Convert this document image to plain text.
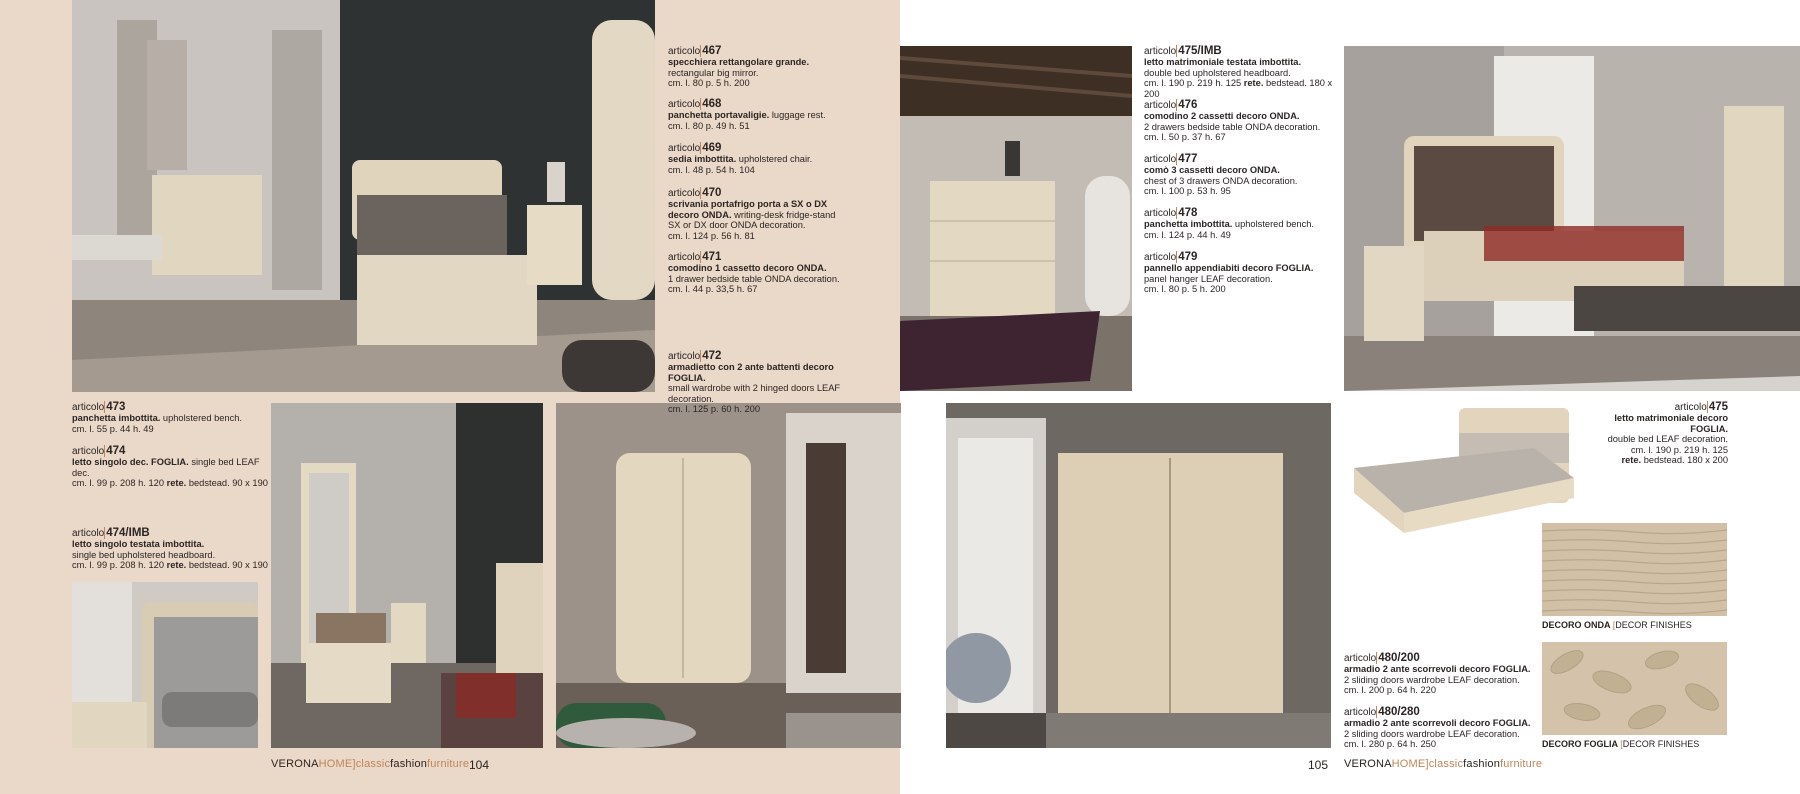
DECORO ONDA [DECOR FINISHES
DECORO FOGLIA [DECOR FINISHES
articolo 467
specchiera rettangolare grande.
rectangular big mirror.
cm. l. 80 p. 5 h. 200
articolo 468
panchetta portavaligie. luggage rest.
cm. l. 80 p. 49 h. 51
articolo 469
sedia imbottita. upholstered chair.
cm. l. 48 p. 54 h. 104
articolo 470
scrivania portafrigo porta a SX o DX decoro ONDA. writing-desk fridge-stand SX or DX door ONDA decoration.
cm. l. 124 p. 56 h. 81
articolo 471
comodino 1 cassetto decoro ONDA.
1 drawer bedside table ONDA decoration.
cm. l. 44 p. 33,5 h. 67
articolo 472
armadietto con 2 ante battenti decoro FOGLIA.
small wardrobe with 2 hinged doors LEAF decoration.
cm. l. 125 p. 60 h. 200
articolo 473
panchetta imbottita. upholstered bench.
cm. l. 55 p. 44 h. 49
articolo 474
letto singolo dec. FOGLIA. single bed LEAF dec.
cm. l. 99 p. 208 h. 120 rete. bedstead. 90 x 190
articolo 474/IMB
letto singolo testata imbottita.
single bed upholstered headboard.
cm. l. 99 p. 208 h. 120 rete. bedstead. 90 x 190
articolo 475/IMB
letto matrimoniale testata imbottita.
double bed upholstered headboard.
cm. l. 190 p. 219 h. 125 rete. bedstead. 180 x 200
articolo 476
comodino 2 cassetti decoro ONDA.
2 drawers bedside table ONDA decoration.
cm. l. 50 p. 37 h. 67
articolo 477
comò 3 cassetti decoro ONDA.
chest of 3 drawers ONDA decoration.
cm. l. 100 p. 53 h. 95
articolo 478
panchetta imbottita. upholstered bench.
cm. l. 124 p. 44 h. 49
articolo 479
pannello appendiabiti decoro FOGLIA.
panel hanger LEAF decoration.
cm. l. 80 p. 5 h. 200
articolo 475
letto matrimoniale decoro FOGLIA.
double bed LEAF decoration.
cm. l. 190 p. 219 h. 125
rete. bedstead. 180 x 200
articolo 480/200
armadio 2 ante scorrevoli decoro FOGLIA.
2 sliding doors wardrobe LEAF decoration.
cm. l. 200 p. 64 h. 220
articolo 480/280
armadio 2 ante scorrevoli decoro FOGLIA.
2 sliding doors wardrobe LEAF decoration.
cm. l. 280 p. 64 h. 250
VERONAHOME]classicfashionfurniture 104	105 VERONAHOME]classicfashionfurniture
